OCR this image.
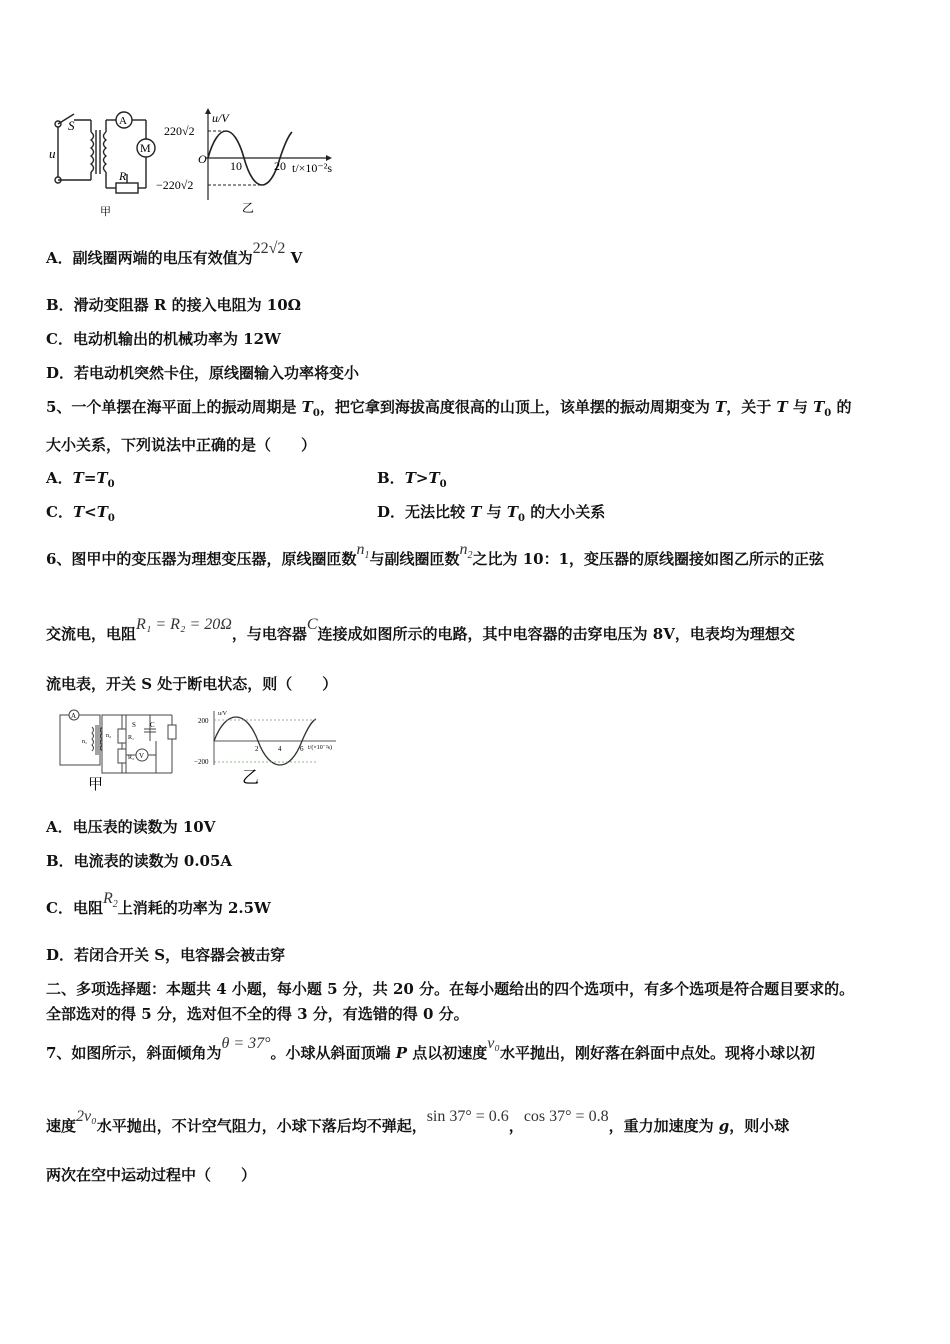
S
u
A
M
R
甲
u/V
220√2
−220√2
O 10	20 t/×10⁻²s
乙
A．副线圈两端的电压有效值为22√2 V
B．滑动变阻器 R 的接入电阻为 10Ω
C．电动机输出的机械功率为 12W
D．若电动机突然卡住，原线圈输入功率将变小
5、一个单摆在海平面上的振动周期是 $T_0$，把它拿到海拔高度很高的山顶上，该单摆的振动周期变为 T，关于 T 与 $T_0$ 的
大小关系，下列说法中正确的是（　　）
A．$T=T_0$	B．$T>T_0$
C．$T<T_0$	D．无法比较 T 与 $T_0$ 的大小关系
6、图甲中的变压器为理想变压器，原线圈匝数$n_1$与副线圈匝数$n_2$之比为 10：1，变压器的原线圈接如图乙所示的正弦
交流电，电阻R₁ = R₂ = 20Ω，与电容器C连接成如图所示的电路，其中电容器的击穿电压为 8V，电表均为理想交
流电表，开关 S 处于断电状态，则（　　）
A
n₁
n₂
S C
R₁
R₂ V
甲
u/V
200
−200
2	4	6 t/(×10⁻²s)
乙
A．电压表的读数为 10V
B．电流表的读数为 0.05A
C．电阻$R_2$上消耗的功率为 2.5W
D．若闭合开关 S，电容器会被击穿
二、多项选择题：本题共 4 小题，每小题 5 分，共 20 分。在每小题给出的四个选项中，有多个选项是符合题目要求的。
全部选对的得 5 分，选对但不全的得 3 分，有选错的得 0 分。
7、如图所示，斜面倾角为θ = 37°。小球从斜面顶端 P 点以初速度v₀水平抛出，刚好落在斜面中点处。现将小球以初
速度2v₀水平抛出，不计空气阻力，小球下落后均不弹起，sin 37° = 0.6，cos 37° = 0.8，重力加速度为 g，则小球
两次在空中运动过程中（　　）
